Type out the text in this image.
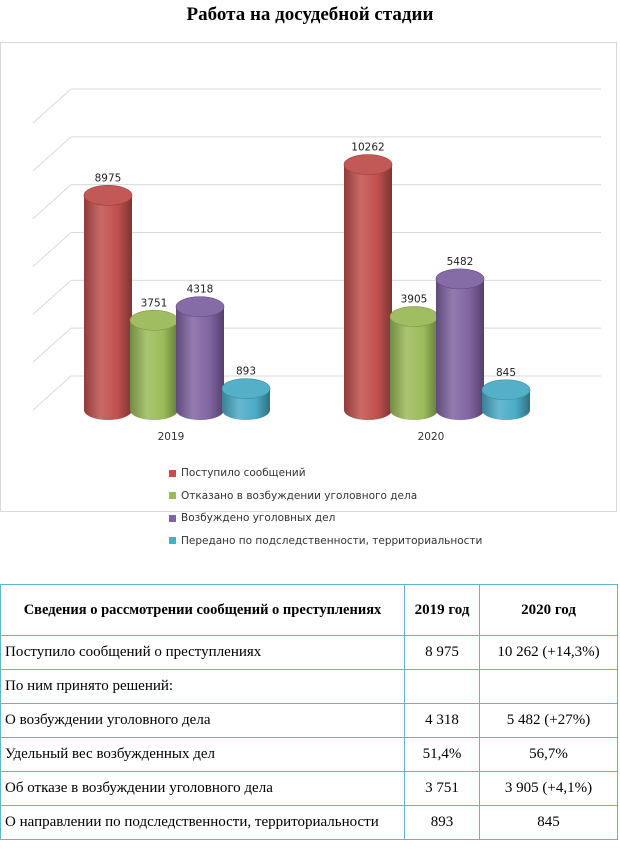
Работа на досудебной стадии
8975
3751
4318
893
2019
10262
3905
5482
845
2020
Поступило сообщений
Отказано в возбуждении уголовного дела
Возбуждено уголовных дел
Передано по подследственности, территориальности
Сведения о рассмотрении сообщений о преступлениях	2019 год	2020 год
Поступило сообщений о преступлениях	8 975	10 262 (+14,3%)
По ним принято решений:		
О возбуждении уголовного дела	4 318	5 482 (+27%)
Удельный вес возбужденных дел	51,4%	56,7%
Об отказе в возбуждении уголовного дела	3 751	3 905 (+4,1%)
О направлении по подследственности, территориальности	893	845
